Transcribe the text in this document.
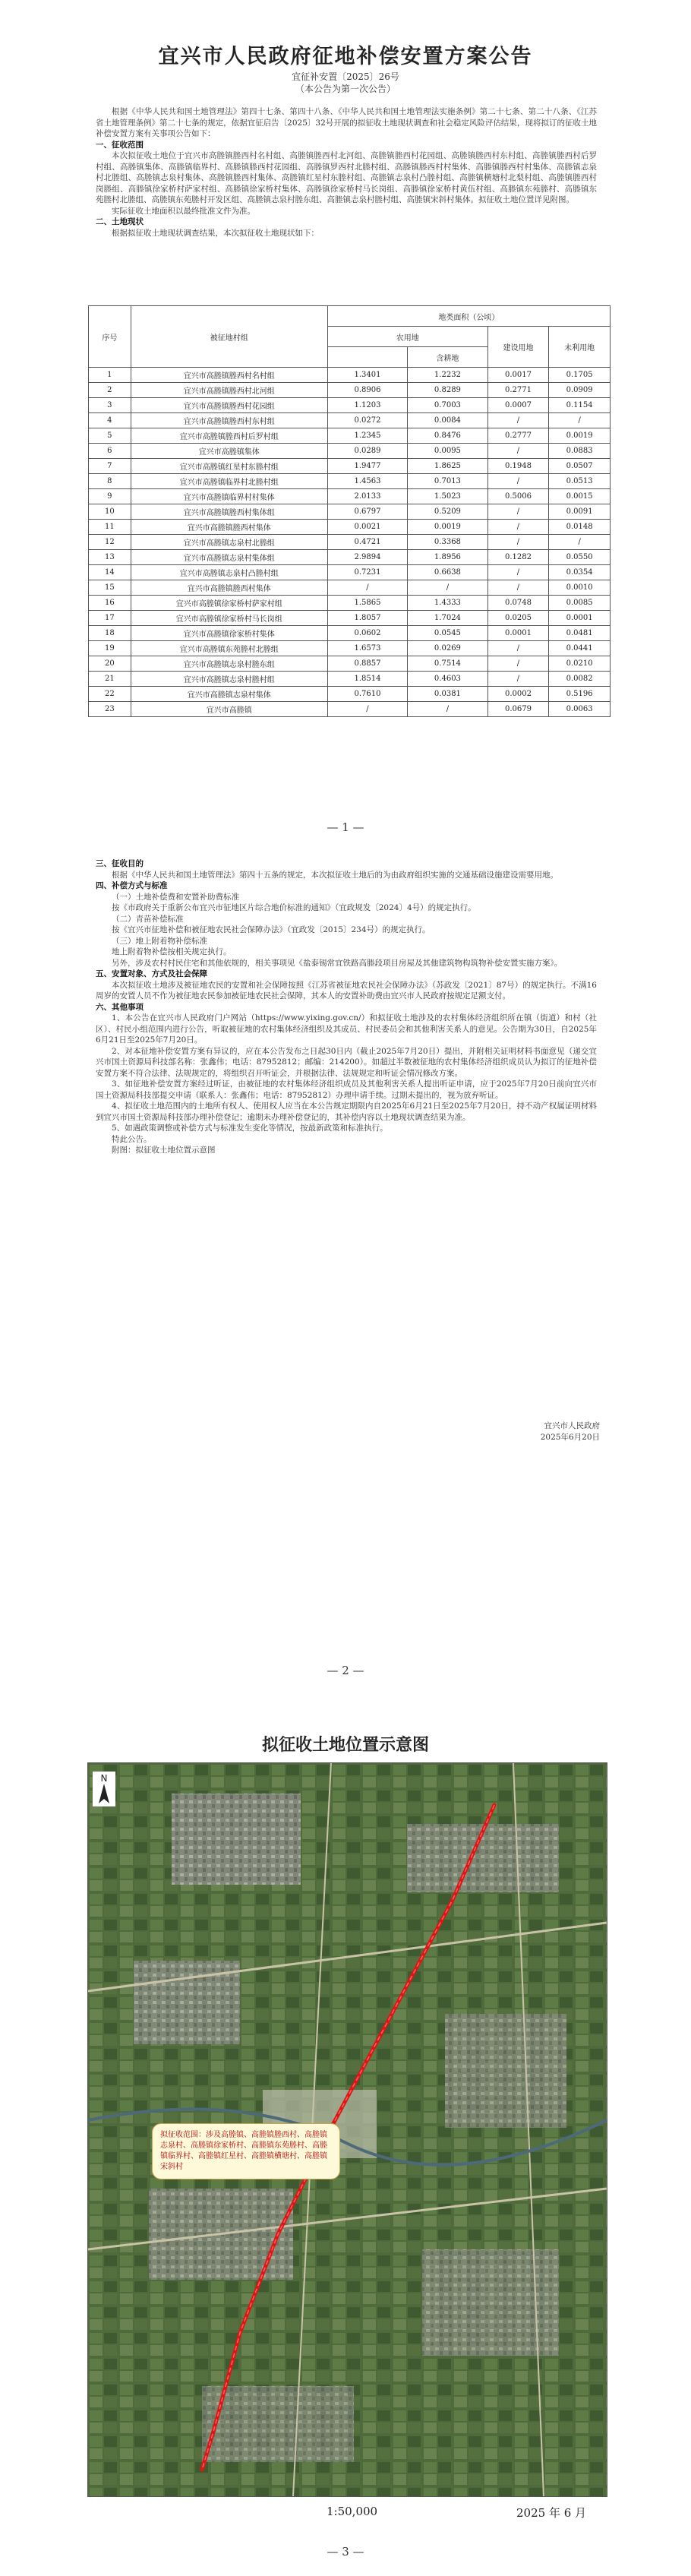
宜兴市人民政府征地补偿安置方案公告
宜征补安置〔2025〕26号
（本公告为第一次公告）

根据《中华人民共和国土地管理法》第四十七条、第四十八条、《中华人民共和国土地管理法实施条例》第二十七条、第二十八条、《江苏省土地管理条例》第二十七条的规定，依据宜征启告〔2025〕32号开展的拟征收土地现状调查和社会稳定风险评估结果，现将拟订的征收土地补偿安置方案有关事项公告如下：

一、征收范围

本次拟征收土地位于宜兴市高塍镇塍西村名村组、高塍镇塍西村北河组、高塍镇塍西村花园组、高塍镇塍西村东村组、高塍镇塍西村后罗村组、高塍镇集体、高塍镇临界村、高塍镇塍西村花园组、高塍镇罗西村北塍村组、高塍镇塍西村村集体、高塍镇塍西村村集体、高塍镇志泉村北塍组、高塍镇志泉村集体、高塍镇塍西村集体、高塍镇红星村东塍村组、高塍镇志泉村凸塍村组、高塍镇横塘村北梨村组、高塍镇塍西村岗塍组、高塍镇徐家桥村萨家村组、高塍镇徐家桥村集体、高塍镇徐家桥村马长岗组、高塍镇徐家桥村黄伍村组、高塍镇东苑塍村、高塍镇东苑塍村北塍组、高塍镇东苑塍村开发区组、高塍镇志泉村塍东组、高塍镇志泉村塍村组、高塍镇宋斜村集体。拟征收土地位置详见附图。

实际征收土地面积以最终批准文件为准。

二、土地现状

根据拟征收土地现状调查结果，本次拟征收土地现状如下：

序号	被征地村组	地类面积（公顷）			
		农用地		建设用地	未利用地
			含耕地		
1	宜兴市高塍镇塍西村名村组	1.3401	1.2232	0.0017	0.1705
2	宜兴市高塍镇塍西村北河组	0.8906	0.8289	0.2771	0.0909
3	宜兴市高塍镇塍西村花园组	1.1203	0.7003	0.0007	0.1154
4	宜兴市高塍镇塍西村东村组	0.0272	0.0084	/	/
5	宜兴市高塍镇塍西村后罗村组	1.2345	0.8476	0.2777	0.0019
6	宜兴市高塍镇集体	0.0289	0.0095	/	0.0883
7	宜兴市高塍镇红星村东塍村组	1.9477	1.8625	0.1948	0.0507
8	宜兴市高塍镇临界村北塍村组	1.4563	0.7013	/	0.0513
9	宜兴市高塍镇临界村村集体	2.0133	1.5023	0.5006	0.0015
10	宜兴市高塍镇塍西村集体组	0.6797	0.5209	/	0.0091
11	宜兴市高塍镇塍西村集体	0.0021	0.0019	/	0.0148
12	宜兴市高塍镇志泉村北塍组	0.4721	0.3368	/	/
13	宜兴市高塍镇志泉村集体组	2.9894	1.8956	0.1282	0.0550
14	宜兴市高塍镇志泉村凸塍村组	0.7231	0.6638	/	0.0354
15	宜兴市高塍镇塍西村集体	/	/	/	0.0010
16	宜兴市高塍镇徐家桥村萨家村组	1.5865	1.4333	0.0748	0.0085
17	宜兴市高塍镇徐家桥村马长岗组	1.8057	1.7024	0.0205	0.0001
18	宜兴市高塍镇徐家桥村集体	0.0602	0.0545	0.0001	0.0481
19	宜兴市高塍镇东苑塍村北塍组	1.6573	0.0269	/	0.0441
20	宜兴市高塍镇志泉村塍东组	0.8857	0.7514	/	0.0210
21	宜兴市高塍镇志泉村塍村组	1.8514	0.4603	/	0.0082
22	宜兴市高塍镇志泉村集体	0.7610	0.0381	0.0002	0.5196
23	宜兴市高塍镇	/	/	0.0679	0.0063
— 1 —

三、征收目的

根据《中华人民共和国土地管理法》第四十五条的规定，本次拟征收土地后的为由政府组织实施的交通基础设施建设需要用地。

四、补偿方式与标准

（一）土地补偿费和安置补助费标准

按《市政府关于重新公布宜兴市征地区片综合地价标准的通知》（宜政规发〔2024〕4号）的规定执行。

（二）青苗补偿标准

按《宜兴市征地补偿和被征地农民社会保障办法》（宜政发〔2015〕234号）的规定执行。

（三）地上附着物补偿标准

地上附着物补偿按相关规定执行。

另外，涉及农村村民住宅和其他依规的，相关事项见《盐泰锡常宜铁路高塍段项目房屋及其他建筑物构筑物补偿安置实施方案》。

五、安置对象、方式及社会保障

本次拟征收土地涉及被征地农民的安置和社会保障按照《江苏省被征地农民社会保障办法》（苏政发〔2021〕87号）的规定执行。不满16周岁的安置人员不作为被征地农民参加被征地农民社会保障，其本人的安置补助费由宜兴市人民政府按规定足额支付。

六、其他事项

1、本公告在宜兴市人民政府门户网站（https://www.yixing.gov.cn/）和拟征收土地涉及的农村集体经济组织所在镇（街道）和村（社区）、村民小组范围内进行公告，听取被征地的农村集体经济组织及其成员、村民委员会和其他利害关系人的意见。公告期为30日，自2025年6月21日至2025年7月20日。

2、对本征地补偿安置方案有异议的，应在本公告发布之日起30日内（截止2025年7月20日）提出，并附相关证明材料书面意见（递交宜兴市国土资源局科技部名称：张鑫伟；电话：87952812；邮编：214200）。如超过半数被征地的农村集体经济组织成员认为拟订的征地补偿安置方案不符合法律、法规规定的，将组织召开听证会，并根据法律、法规规定和听证会情况修改方案。

3、如征地补偿安置方案经过听证，由被征地的农村集体经济组织成员及其他利害关系人提出听证申请，应于2025年7月20日前向宜兴市国土资源局科技部提交申请（联系人：张鑫伟；电话：87952812）办理申请手续。过期未提出的，视为放弃听证。

4、拟征收土地范围内的土地所有权人、使用权人应当在本公告规定期限内自2025年6月21日至2025年7月20日，持不动产权属证明材料到宜兴市国土资源局科技部办理补偿登记；逾期未办理补偿登记的，其补偿内容以土地现状调查结果为准。

5、如遇政策调整或补偿方式与标准发生变化等情况，按最新政策和标准执行。

特此公告。

附图：拟征收土地位置示意图

宜兴市人民政府
2025年6月20日
— 2 —
拟征收土地位置示意图
N
拟征收范围：涉及高塍镇、高塍镇塍西村、高塍镇志泉村、高塍镇徐家桥村、高塍镇东苑塍村、高塍镇临界村、高塍镇红星村、高塍镇横塘村、高塍镇宋斜村
1:50,000	2025 年 6 月
— 3 —
